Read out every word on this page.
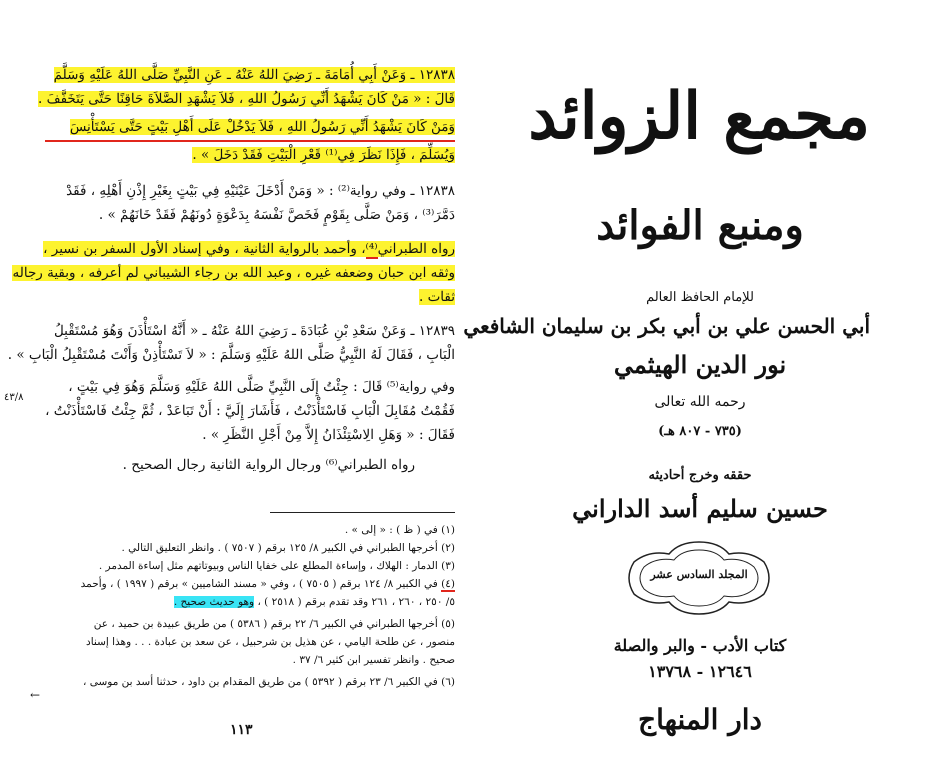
١٢٨٣٨ ـ وَعَنْ أَبِي أُمَامَةَ ـ رَضِيَ اللهُ عَنْهُ ـ عَنِ النَّبِيِّ صَلَّى اللهُ عَلَيْهِ وَسَلَّمَ
قَالَ : « مَنْ كَانَ يَشْهَدُ أَنِّي رَسُولُ اللهِ ، فَلاَ يَشْهَدِ الصَّلاَةَ حَاقِنًا حَتَّى يَتَخَفَّفَ .
وَمَنْ كَانَ يَشْهَدُ أَنِّي رَسُولُ اللهِ ، فَلاَ يَدْخُلْ عَلَى أَهْلِ بَيْتٍ حَتَّى يَسْتَأْنِسَ
وَيُسَلِّمَ ، فَإِذَا نَظَرَ فِي⁽¹⁾ قَعْرِ الْبَيْتِ فَقَدْ دَخَلَ » .
١٢٨٣٨ ـ وفي رواية⁽²⁾ : « وَمَنْ أَدْخَلَ عَيْنَيْهِ فِي بَيْتٍ بِغَيْرِ إِذْنِ أَهْلِهِ ، فَقَدْ
دَمَّرَ⁽³⁾ ، وَمَنْ صَلَّى بِقَوْمٍ فَخَصَّ نَفْسَهُ بِدَعْوَةٍ دُونَهُمْ فَقَدْ خَانَهُمْ » .
رواه الطبراني⁽⁴⁾، وأحمد بالرواية الثانية ، وفي إسناد الأول السفر بن نسير ،
وثقه ابن حبان وضعفه غيره ، وعبد الله بن رجاء الشيباني لم أعرفه ، وبقية رجاله
ثقات .
١٢٨٣٩ ـ وَعَنْ سَعْدِ بْنِ عُبَادَةَ ـ رَضِيَ اللهُ عَنْهُ ـ « أَنَّهُ اسْتَأْذَنَ وَهُوَ مُسْتَقْبِلُ
الْبَابِ ، فَقَالَ لَهُ النَّبِيُّ صَلَّى اللهُ عَلَيْهِ وَسَلَّمَ : « لاَ تَسْتَأْذِنْ وَأَنْتَ مُسْتَقْبِلُ الْبَابِ » .
وفي رواية⁽⁵⁾ قَالَ : جِئْتُ إِلَى النَّبِيِّ صَلَّى اللهُ عَلَيْهِ وَسَلَّمَ وَهُوَ فِي بَيْتٍ ،
فَقُمْتُ مُقَابِلَ الْبَابِ فَاسْتَأْذَنْتُ ، فَأَشَارَ إِلَيَّ : أَنْ تَبَاعَدْ ، ثُمَّ جِئْتُ فَاسْتَأْذَنْتُ ،
فَقَالَ : « وَهَلِ الِاسْتِئْذَانُ إِلاَّ مِنْ أَجْلِ النَّظَرِ » .
رواه الطبراني⁽⁶⁾ ورجال الرواية الثانية رجال الصحيح .
٤٣/٨
(١) في ( ظ ) : « إلى » .
(٢) أخرجها الطبراني في الكبير ٨/ ١٢٥ برقم ( ٧٥٠٧ ) . وانظر التعليق التالي .
(٣) الدمار : الهلاك ، وإساءة المطلع على خفايا الناس وبيوتاتهم مثل إساءة المدمر .
(٤) في الكبير ٨/ ١٢٤ برقم ( ٧٥٠٥ ) ، وفي « مسند الشاميين » برقم ( ١٩٩٧ ) ، وأحمد
٥/ ٢٥٠ ، ٢٦٠ ، ٢٦١ وقد تقدم برقم ( ٢٥١٨ ) ، وهو حديث صحيح .
(٥) أخرجها الطبراني في الكبير ٦/ ٢٢ برقم ( ٥٣٨٦ ) من طريق عبيدة بن حميد ، عن
منصور ، عن طلحة اليامي ، عن هذيل بن شرحبيل ، عن سعد بن عبادة . . . وهذا إسناد
صحيح . وانظر تفسير ابن كثير ٦/ ٣٧ .
(٦) في الكبير ٦/ ٢٣ برقم ( ٥٣٩٢ ) من طريق المقدام بن داود ، حدثنا أسد بن موسى ،
←
١١٣
مجمع الزوائد
ومنبع الفوائد
للإمام الحافظ العالم
أبي الحسن علي بن أبي بكر بن سليمان الشافعي
نور الدين الهيثمي
رحمه الله تعالى
(٧٣٥ - ٨٠٧ هـ)
حققه وخرج أحاديثه
حسين سليم أسد الداراني
المجلد السادس عشر
كتاب الأدب - والبر والصلة
١٢٦٤٦ - ١٣٧٦٨
دار المنهاج
